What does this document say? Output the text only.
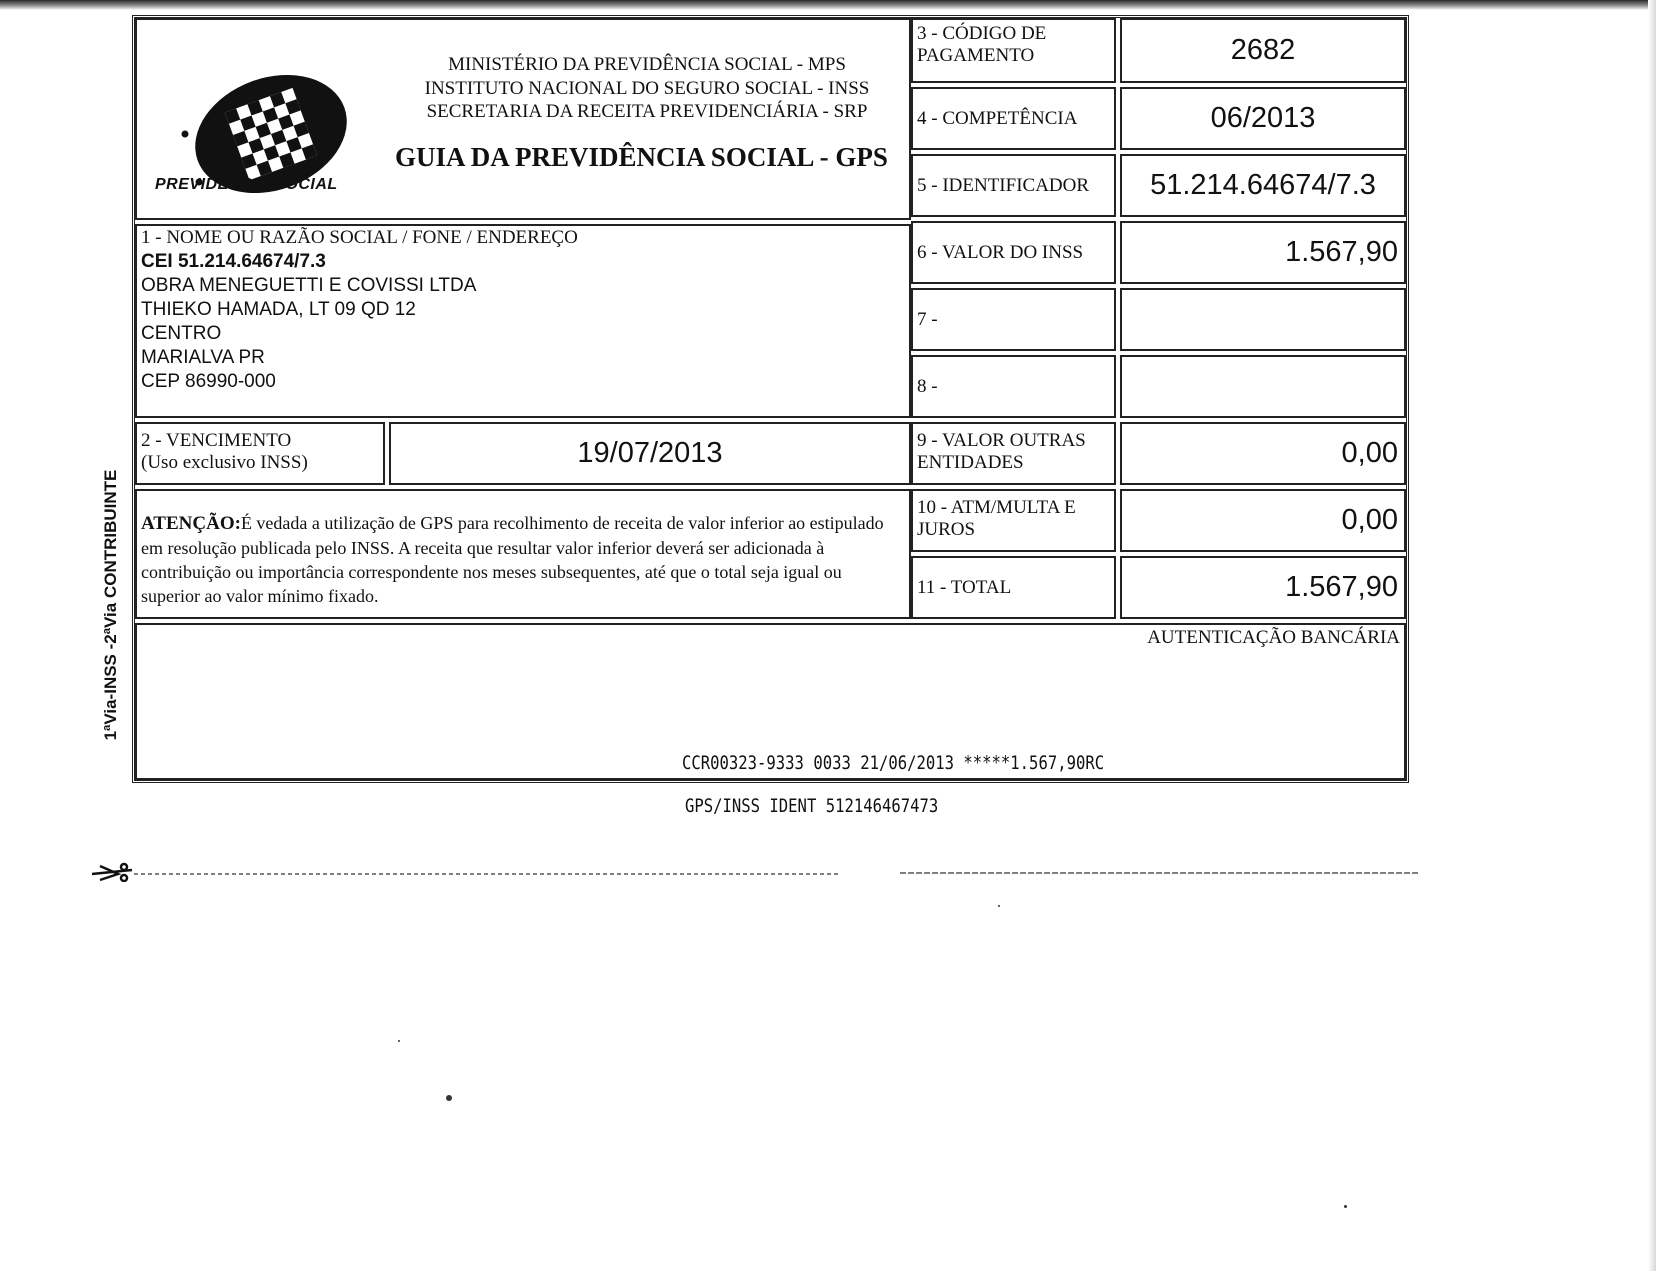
1ªVia-INSS -2ªVia CONTRIBUINTE
PREVIDÊNCIA SOCIAL
MINISTÉRIO DA PREVIDÊNCIA SOCIAL - MPS
INSTITUTO NACIONAL DO SEGURO SOCIAL - INSS
SECRETARIA DA RECEITA PREVIDENCIÁRIA - SRP
GUIA DA PREVIDÊNCIA SOCIAL - GPS
3 - CÓDIGO DE PAGAMENTO	2682
4 - COMPETÊNCIA	06/2013
5 - IDENTIFICADOR	51.214.64674/7.3
6 - VALOR DO INSS	1.567,90
7 -
8 -
9 - VALOR OUTRAS ENTIDADES	0,00
10 - ATM/MULTA E JUROS	0,00
11 - TOTAL	1.567,90
1 - NOME OU RAZÃO SOCIAL / FONE / ENDEREÇO
CEI 51.214.64674/7.3
OBRA MENEGUETTI E COVISSI LTDA
THIEKO HAMADA, LT 09 QD 12
CENTRO
MARIALVA PR
CEP 86990-000
2 - VENCIMENTO
(Uso exclusivo INSS)	19/07/2013
ATENÇÃO:É vedada a utilização de GPS para recolhimento de receita de valor inferior ao estipulado em resolução publicada pelo INSS. A receita que resultar valor inferior deverá ser adicionada à contribuição ou importância correspondente nos meses subsequentes, até que o total seja igual ou superior ao valor mínimo fixado.
AUTENTICAÇÃO BANCÁRIA
CCR00323-9333 0033 21/06/2013 *****1.567,90RC
GPS/INSS IDENT 512146467473
